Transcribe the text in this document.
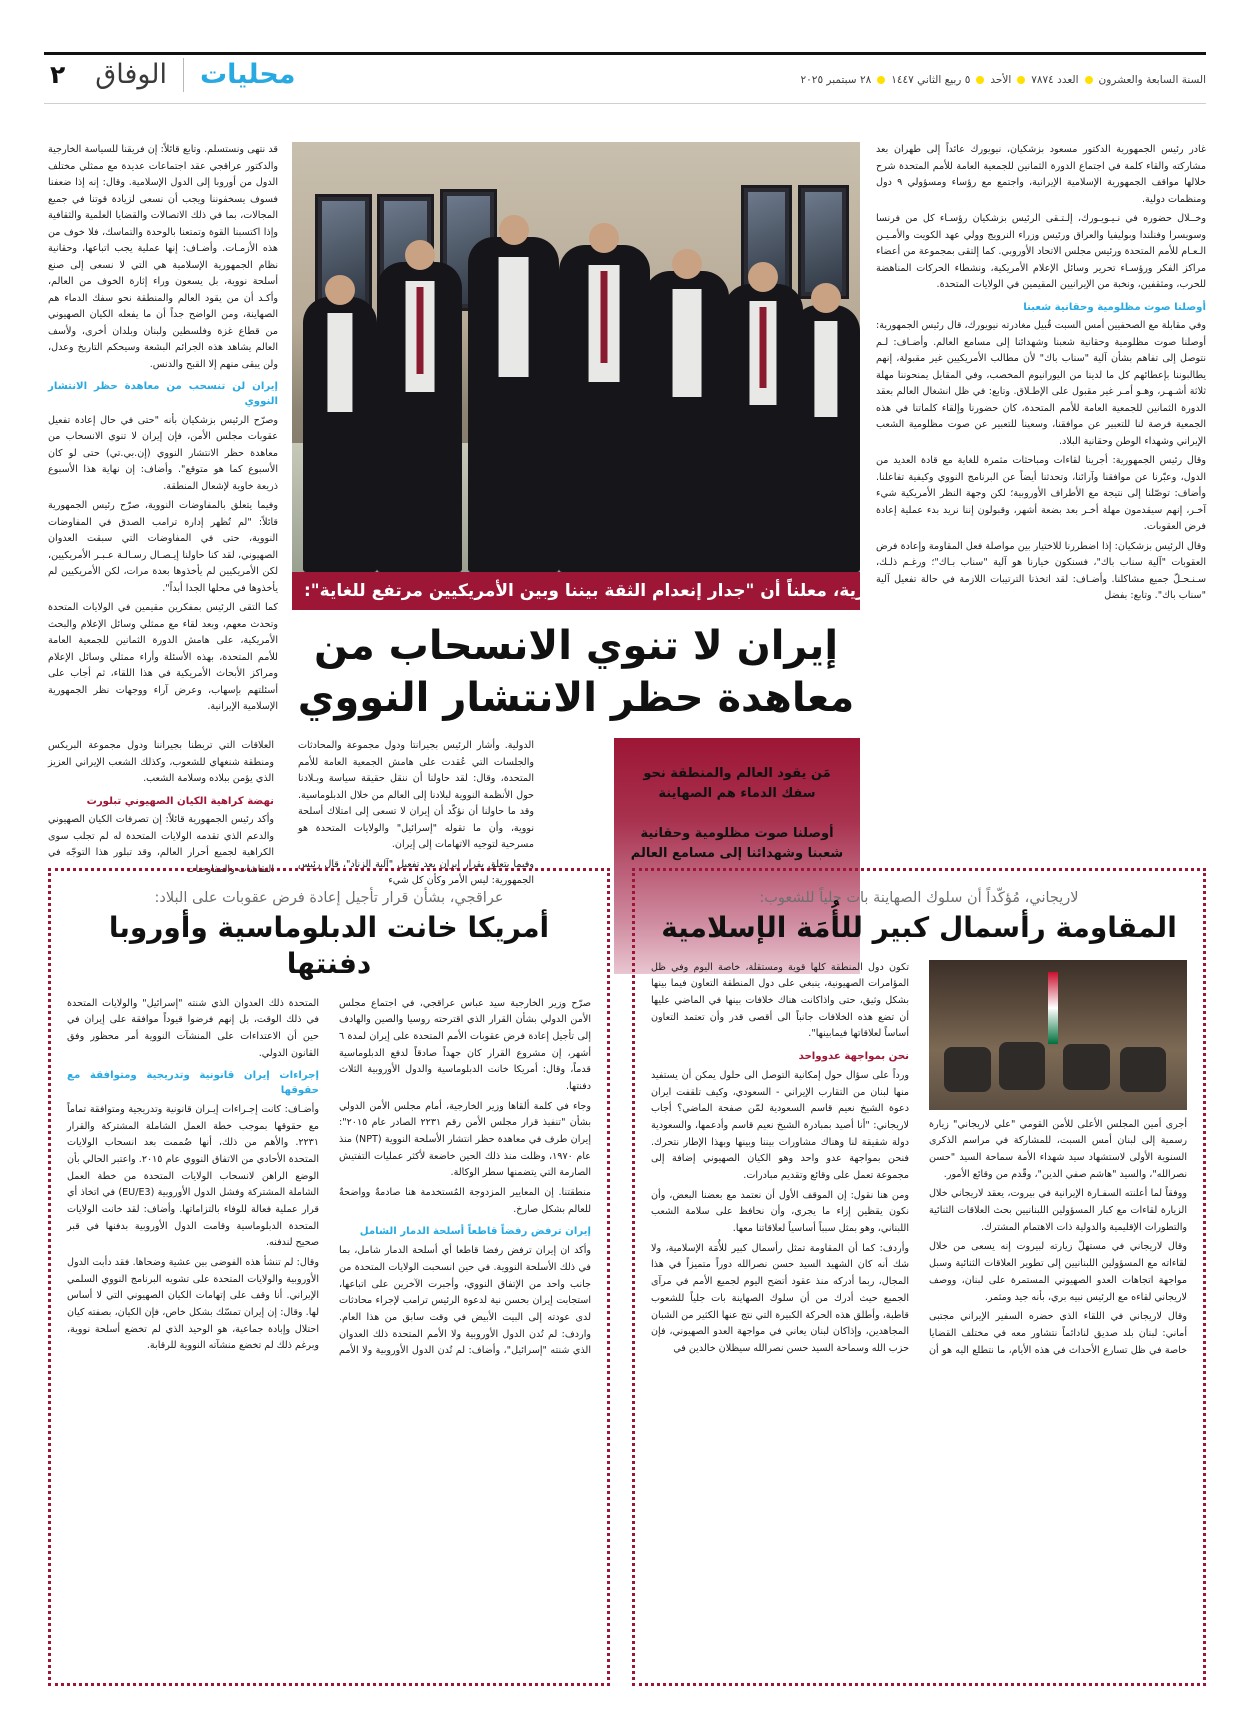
محليات
الوفاق
٢	السنة السابعة والعشرون
العدد ٧٨٧٤
الأحد
٥ ربيع الثاني ١٤٤٧
٢٨ سبتمبر ٢٠٢٥
رئيس الجمهورية، معلناً أن "جدار إنعدام الثقة بيننا وبين الأمريكيين مرتفع للغاية":
إيران لا تنوي الانسحاب من معاهدة حظر الانتشار النووي

غادر رئيس الجمهورية الدكتور مسعود بزشكيان، نيويورك عائداً إلى طهران بعد مشاركته والقاء كلمة في اجتماع الدورة الثمانين للجمعية العامة للأمم المتحدة شرح خلالها مواقف الجمهورية الإسلامية الإيرانية، واجتمع مع رؤساء ومسؤولي ٩ دول ومنظمات دولية.

وخــلال حضوره في نـيـويـورك، إلـتـقى الرئيس بزشكيان رؤسـاء كل من فرنسا وسويسرا وفنلندا وبوليفيا والعراق ورئيس وزراء النرويج وولي عهد الكويت والأمـيـن الـعـام للأمم المتحدة ورئيس مجلس الاتحاد الأوروبي. كما إلتقى بمجموعة من أعضاء مراكز الفكر ورؤسـاء تحرير وسائل الإعلام الأمريكية، ونشطاء الحركات المناهضة للحرب، ومثقفين، ونخبة من الإيرانيين المقيمين في الولايات المتحدة.

أوصلنا صوت مظلومية وحقانية شعبنا

وفي مقابلة مع الصحفيين أمس السبت قُبيل مغادرته نيويورك، قال رئيس الجمهورية: أوصلنا صوت مظلومية وحقانية شعبنا وشهدائنا إلى مسامع العالم. وأضـاف: لـم نتوصل إلى تفاهم بشأن آلية "سناب باك" لأن مطالب الأمريكيين غير مقبولة، إنهم يطالبوننا بإعطائهم كل ما لدينا من اليورانيوم المخصب، وفي المقابل يمنحوننا مهلة ثلاثة أشـهـر، وهـو أمـر غير مقبول على الإطـلاق. وتابع: في ظل انشغال العالم بعقد الدورة الثمانين للجمعية العامة للأمم المتحدة، كان حضورنا وإلقاء كلماتنا في هذه الجمعية فرصة لنا للتعبير عن موافقنا، وسعينا للتعبير عن صوت مظلومية الشعب الإيراني وشهداء الوطن وحقانية البلاد.

وقال رئيس الجمهورية: أجرينا لقاءات ومباحثات مثمرة للغاية مع قادة العديد من الدول، وعبّرنا عن موافقنا وآرائنا، وتحدثنا أيضاً عن البرنامج النووي وكيفية تفاعلنا. وأضاف: توصّلنا إلى نتيجة مع الأطراف الأوروبية؛ لكن وجهة النظر الأمريكية شيء آخـر، إنهم سيقدمون مهلة أخـر بعد بضعة أشهر، وقبولون إننا نريد بدء عملية إعادة فرض العقوبات.

وقال الرئيس بزشكيان: إذا اضطررنا للاختيار بين مواصلة فعل المقاومة وإعادة فرض العقوبات "آلية سناب باك"، فسنكون خيارنا هو آلية "سناب بـاك"؛ ورغـم ذلـك، سـنـحـلّ جميع مشاكلنا. وأضـاف: لقد اتخذنا الترتيبات اللازمة في حالة تفعيل آلية "سناب باك". وتابع: بفضل

قد نتهى ونستسلم. وتابع قائلاً: إن فريقنا للسياسة الخارجية والدكتور عراقجي عقد اجتماعات عديدة مع ممثلي مختلف الدول من أوروبا إلى الدول الإسلامية. وقال: إنه إذا ضعفنا فسوف يسخفوننا ويجب أن نسعى لزيادة قوتنا في جميع المجالات، بما في ذلك الاتصالات والقضايا العلمية والثقافية وإذا اكتسبنا القوة وتمتعنا بالوحدة والتماسك، فلا خوف من هذه الأزمـات. وأضـاف: إنها عملية يجب اتباعها، وحقانية نظام الجمهورية الإسلامية هي التي لا نسعى إلى صنع أسلحة نووية، بل يسعون وراء إثارة الخوف من العالم، وأكـد أن من يقود العالم والمنطقة نحو سفك الدماء هم الصهاينة، ومن الواضح جداً أن ما يفعله الكيان الصهيوني من قطاع غزة وفلسطين ولبنان وبلدان أخرى، ولأسف العالم يشاهد هذه الجرائم البشعة وسيحكم التاريخ وعدل، ولن يبقى منهم إلا القبح والدنس.

إيران لن تنسحب من معاهدة حظر الانتشار النووي

وصرّح الرئيس بزشكيان بأنه "حتى في حال إعادة تفعيل عقوبات مجلس الأمن، فإن إيران لا تنوي الانسحاب من معاهدة حظر الانتشار النووي (إن.بي.تي) حتى لو كان الأسبوع كما هو متوقع". وأضاف: إن نهاية هذا الأسبوع ذريعة خاوية لإشعال المنطقة.

وفيما يتعلق بالمفاوضات النووية، صرّح رئيس الجمهورية قائلاً: "لم تُظهر إدارة ترامب الصدق في المفاوضات النووية، حتى في المفاوضات التي سبقت العدوان الصهيوني، لقد كنا حاولنا إيـصـال رسـالـة عـبـر الأمريكيين، لكن الأمريكيين لم يأخذوها بعدة مرات، لكن الأمريكيين لم يأخذوها في محلها الجدا أبداً".

كما التقى الرئيس بمفكرين مقيمين في الولايات المتحدة وتحدث معهم، وبعد لقاء مع ممثلي وسائل الإعلام والبحث الأمريكية، على هامش الدورة الثمانين للجمعية العامة للأمم المتحدة، بهذه الأسئلة وأراء ممثلي وسائل الإعلام ومراكز الأبحاث الأمريكية في هذا اللقاء، ثم أجاب على أسئلتهم بإسهاب، وعرض آراء ووجهات نظر الجمهورية الإسلامية الإيرانية.

الدولية. وأشار الرئيس بجيرانتا ودول مجموعة والمحادثات والجلسات التي عُقدت على هامش الجمعية العامة للأمم المتحدة، وقال: لقد حاولنا أن ننقل حقيقة سياسة وبـلادنا حول الأنظمة النووية لبلادنا إلى العالم من خلال الدبلوماسية. وقد ما حاولنا أن نؤكّد أن إيران لا تسعى إلى امتلاك أسلحة نووية، وأن ما تقوله "إسرائيل" والولايات المتحدة هو مسرحية لتوجيه الاتهامات إلى إيران.

وفيما يتعلق بقرار إيران بعد تفعيل "آلية الزناد"، قال رئيس الجمهورية: ليس الأمر وكأن كل شيء

مَن يقود العالم والمنطقة نحو سفك الدماء هم الصهاينة
أوصلنا صوت مظلومية وحقانية شعبنا وشهدائنا إلى مسامع العالم

العلاقات التي تربطنا بجيراننا ودول مجموعة البريكس ومنطقة شنغهاي للشعوب، وكذلك الشعب الإيراني العزيز الذي يؤمن ببلاده وسلامة الشعب.

نهضة كراهية الكيان الصهيوني تبلورت

وأكد رئيس الجمهورية قائلاً: إن تصرفات الكيان الصهيوني والدعم الذي تقدمه الولايات المتحدة له لم تجلب سوى الكراهية لجميع أحرار العالم، وقد تبلور هذا التوجّه في النقاشات والمفاوضات

لاريجاني، مُؤكّداً أن سلوك الصهاينة بات جلياً للشعوب:
المقاومة رأسمال كبير للأُمَة الإسلامية

أجرى أمين المجلس الأعلى للأمن القومي "علي لاريجاني" زيارة رسمية إلى لبنان أمس السبت، للمشاركة في مراسم الذكرى السنوية الأولى لاستشهاد سيد شهداء الأمة سماحة السيد "حسن نصرالله"، والسيد "هاشم صفي الدين"، وقّدم من وقائع الأمور.

ووفقاً لما أعلنته السفـارة الإيرانية في بيروت، يعقد لاريجاني خلال الزيارة لقاءات مع كبار المسؤولين اللبنانيين بحث العلاقات الثنائية والتطورات الإقليمية والدولية ذات الاهتمام المشترك.

وقال لاريجاني في مستهلّ زيارته لبيروت إنه يسعى من خلال لقاءاته مع المسؤولين اللبنانيين إلى تطوير العلاقات الثنائية وسبل مواجهة اتجاهات العدو الصهيوني المستمرة على لبنان، ووصف لاريجاني لقاءه مع الرئيس نبيه بري، بأنه جيد ومثمر.

وقال لاريجاني في اللقاء الذي حضره السفير الإيراني مجتبى أماني: لبنان بلد صديق لنادائماً نتشاور معه في مختلف القضايا خاصة في ظل تسارع الأحداث في هذه الأيام، ما نتطلع اليه هو أن تكون دول المنطقة كلها قوية ومستقلة، خاصة اليوم وفي ظل المؤامرات الصهيونية، ينبغي على دول المنطقة التعاون فيما بينها بشكل وثيق، حتى واذاكانت هناك خلافات بينها في الماضي عليها أن تضع هذه الخلافات جانباً الى أقصى قدر وأن تعتمد التعاون أساساً لعلاقاتها فيمابينها".

نحن بمواجهة عدوواحد

ورداً على سؤال حول إمكانية التوصل الى حلول يمكن أن يستفيد منها لبنان من التقارب الإيراني - السعودي، وكيف تلقفت ايران دعوة الشيخ نعيم قاسم السعودية لمّن صفحة الماضي؟ أجاب لاريجاني: "أنا أصيد بمبادرة الشيخ نعيم قاسم وأدعمها، والسعودية دولة شقيقة لنا وهناك مشاورات بيننا وبينها وبهذا الإطار نتحرك. فنحن بمواجهة عدو واحد وهو الكيان الصهيوني إضافة إلى مجموعة تعمل على وقائع وتقديم مبادرات.

ومن هنا نقول: إن الموقف الأول أن نعتمد مع بعضنا البعض، وأن نكون يقظين إزاء ما يجري، وأن نحافظ على سلامة الشعب اللبناني، وهو بمثل سبباً أساسياً لعلاقاتنا معها.

وأردف: كما أن المقاومة تمثل رأسمال كبير للأُمَة الإسلامية، ولا شك أنه كان الشهيد السيد حسن نصرالله دوراً متميزاً في هذا المجال، ربما أدركه منذ عقود أتضح اليوم لجميع الأمم في مرآى الجميع حيث أدرك من أن سلوك الصهاينة بات جلياً للشعوب قاطبة، وأطلق هذه الحركة الكبيرة التي نتج عنها الكثير من الشبان المجاهدين، وإذاكان لبنان يعاني في مواجهة العدو الصهيوني، فإن حزب الله وسماحة السيد حسن نصرالله سيظلان خالدين في

عراقجي، بشأن قرار تأجيل إعادة فرض عقوبات على البلاد:
أمريكا خانت الدبلوماسية وأوروبا دفنتها

صرّح وزير الخارجية سيد عباس عراقجي، في اجتماع مجلس الأمن الدولي بشأن القرار الذي اقترحته روسيا والصين والهادف إلى تأجيل إعادة فرض عقوبات الأمم المتحدة على إيران لمدة ٦ أشهر، إن مشروع القرار كان جهداً صادقاً لدفع الدبلوماسية قدماً، وقال: أمريكا خانت الدبلوماسية والدول الأوروبية الثلاث دفنتها.

وجاء في كلمة ألقاها وزير الخارجية، أمام مجلس الأمن الدولي بشأن "تنفيذ قرار مجلس الأمن رقم ٢٢٣١ الصادر عام ٢٠١٥": إيران طرف في معاهدة حظر انتشار الأسلحة النووية (NPT) منذ عام ١٩٧٠، وظلت منذ ذلك الحين خاضعة لأكثر عمليات التفتيش الصارمة التي يتضمنها سطر الوكالة.

منطقتنا. إن المعايير المزدوجة المُستخدمة هنا صادمةٌ وواضحةٌ للعالم بشكل صارخ.

إيران ترفض رفضاً قاطعاً أسلحة الدمار الشامل

وأكد ان إيران ترفض رفضا قاطعا أي أسلحة الدمار شامل، بما في ذلك الأسلحة النووية. في حين انسحبت الولايات المتحدة من جانب واحد من الإتفاق النووي، وأجبرت الآخرين على اتباعها، استجابت إيران بحسن نية لدعوة الرئيس ترامب لإجراء محادثات لدى عودته إلى البيت الأبيض في وقت سابق من هذا العام. واردف: لم تُدن الدول الأوروبية ولا الأمم المتحدة ذلك العدوان الذي شنته "إسرائيل"، وأضاف: لم تُدن الدول الأوروبية ولا الأمم المتحدة ذلك العدوان الذي شنته "إسرائيل" والولايات المتحدة في ذلك الوقت، بل إنهم فرضوا قيوداً موافقة على إيران في حين أن الاعتداءات على المنشآت النووية أمر محظور وفق القانون الدولي.

إجراءات إيران قانونية وتدريجية ومتوافقة مع حقوقها

وأضـاف: كانت إجـراءات إيـران قانونية وتدريجية ومتوافقة تماماً مع حقوقها بموجب خطة العمل الشاملة المشتركة والقرار ٢٢٣١. والأهم من ذلك، أنها ضُممت بعد انسحاب الولايات المتحدة الأحادي من الاتفاق النووي عام ٢٠١٥. واعتبر الحالي بأن الوضع الراهن لانسحاب الولايات المتحدة من خطة العمل الشاملة المشتركة وفشل الدول الأوروبية (EU/E3) في اتخاذ أي قرار عملية فعالة للوفاء بالتزاماتها. وأضاف: لقد خانت الولايات المتحدة الدبلوماسية وقامت الدول الأوروبية بدفنها في قبر صحيح لندفنه.

وقال: لم تنشأ هذه الفوضى بين عشية وضحاها. فقد دأبت الدول الأوروبية والولايات المتحدة على تشويه البرنامج النووي السلمي الإيراني. أنا وقف على إتهامات الكيان الصهيوني التي لا أساس لها. وقال: إن إيران تمسّك بشكل خاص، فإن الكيان، بصفته كيان احتلال وإبادة جماعية، هو الوحيد الذي لم تخضع أسلحة نووية، وبرغم ذلك لم تخضع منشآته النووية للرقابة.
